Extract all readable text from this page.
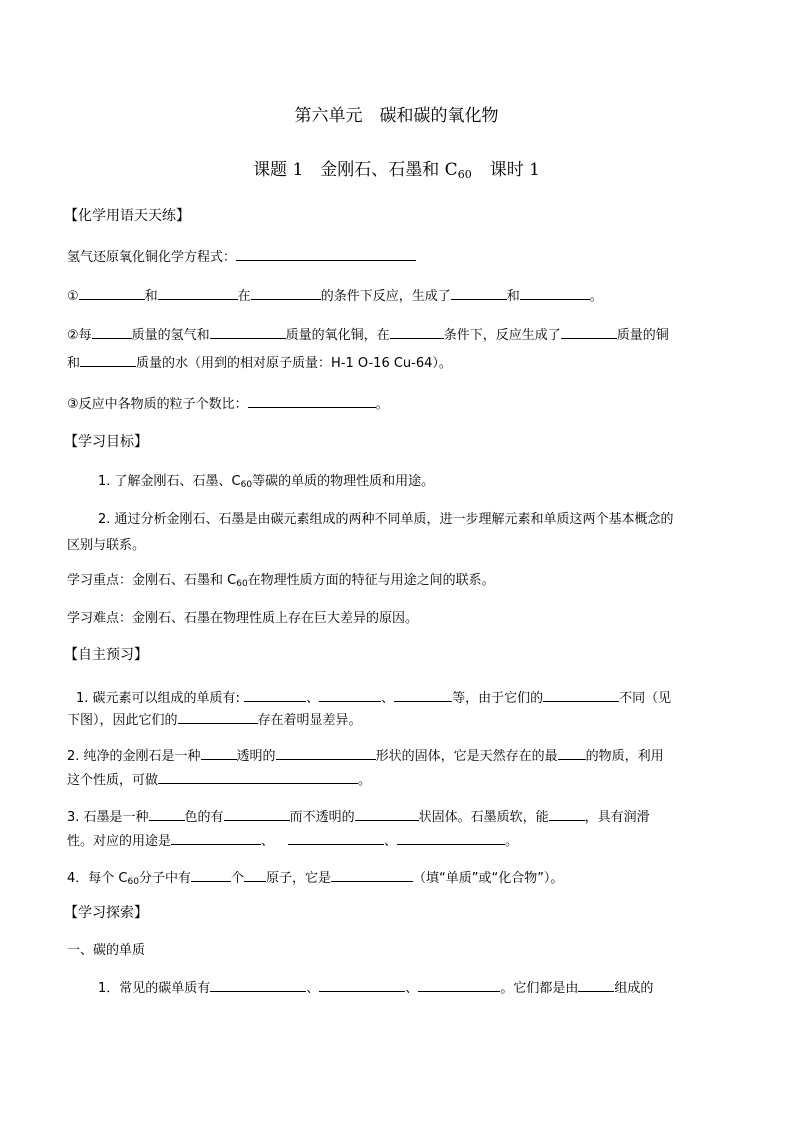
第六单元　碳和碳的氧化物
课题 1　金刚石、石墨和 $C_{60}$ 课时 1
【化学用语天天练】
氢气还原氧化铜化学方程式：
①	和	在	的条件下反应，生成了	和	。
②每	质量的氢气和	质量的氧化铜，在	条件下，反应生成了	质量的铜
和	质量的水（用到的相对原子质量：H-1 O-16 Cu-64）。
③反应中各物质的粒子个数比：	。
【学习目标】
1. 了解金刚石、石墨、$C_{60}$等碳的单质的物理性质和用途。
2. 通过分析金刚石、石墨是由碳元素组成的两种不同单质，进一步理解元素和单质这两个基本概念的
区别与联系。
学习重点：金刚石、石墨和 $C_{60}$在物理性质方面的特征与用途之间的联系。
学习难点：金刚石、石墨在物理性质上存在巨大差异的原因。
【自主预习】
1. 碳元素可以组成的单质有:	、	、	等，由于它们的	不同（见
下图），因此它们的	存在着明显差异。
2. 纯净的金刚石是一种	透明的	形状的固体，它是天然存在的最 的物质，利用
这个性质，可做	。
3. 石墨是一种	色的有	而不透明的	状固体。石墨质软，能	，具有润滑
性。对应的用途是	、	、	。
4．每个 $C_{60}$分子中有	个 原子，它是	（填“单质”或“化合物”）。
【学习探索】
一、碳的单质
1．常见的碳单质有	、	、	。它们都是由	组成的
